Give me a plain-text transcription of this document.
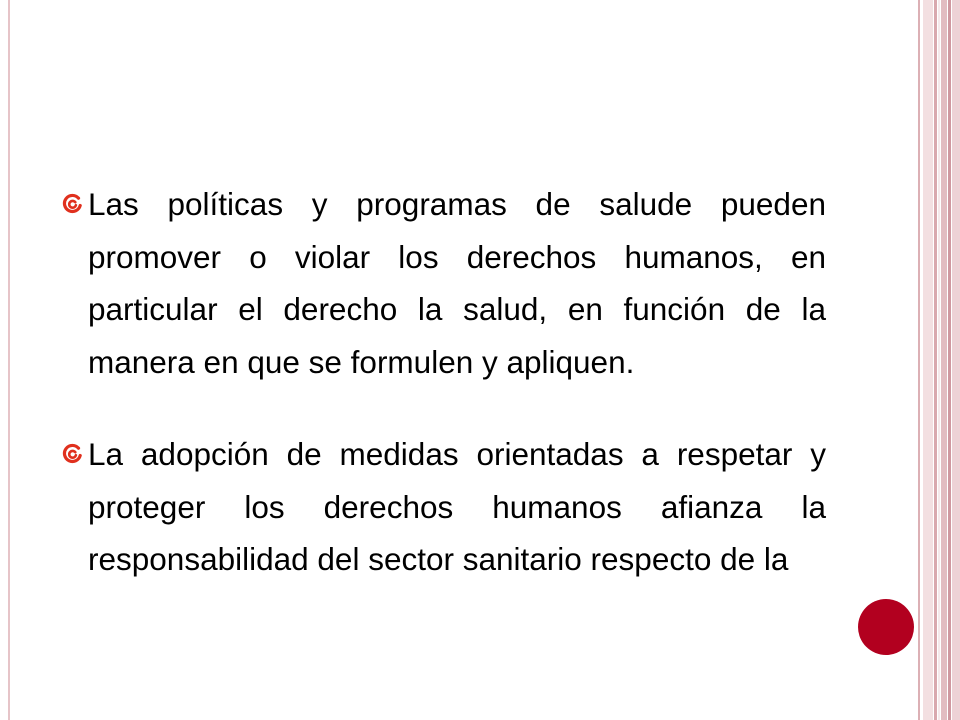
Las políticas y programas de salude pueden promover o violar los derechos humanos, en particular el derecho la salud, en función de la manera en que se formulen y apliquen.
La adopción de medidas orientadas a respetar y proteger los derechos humanos afianza la responsabilidad del sector sanitario respecto de la
